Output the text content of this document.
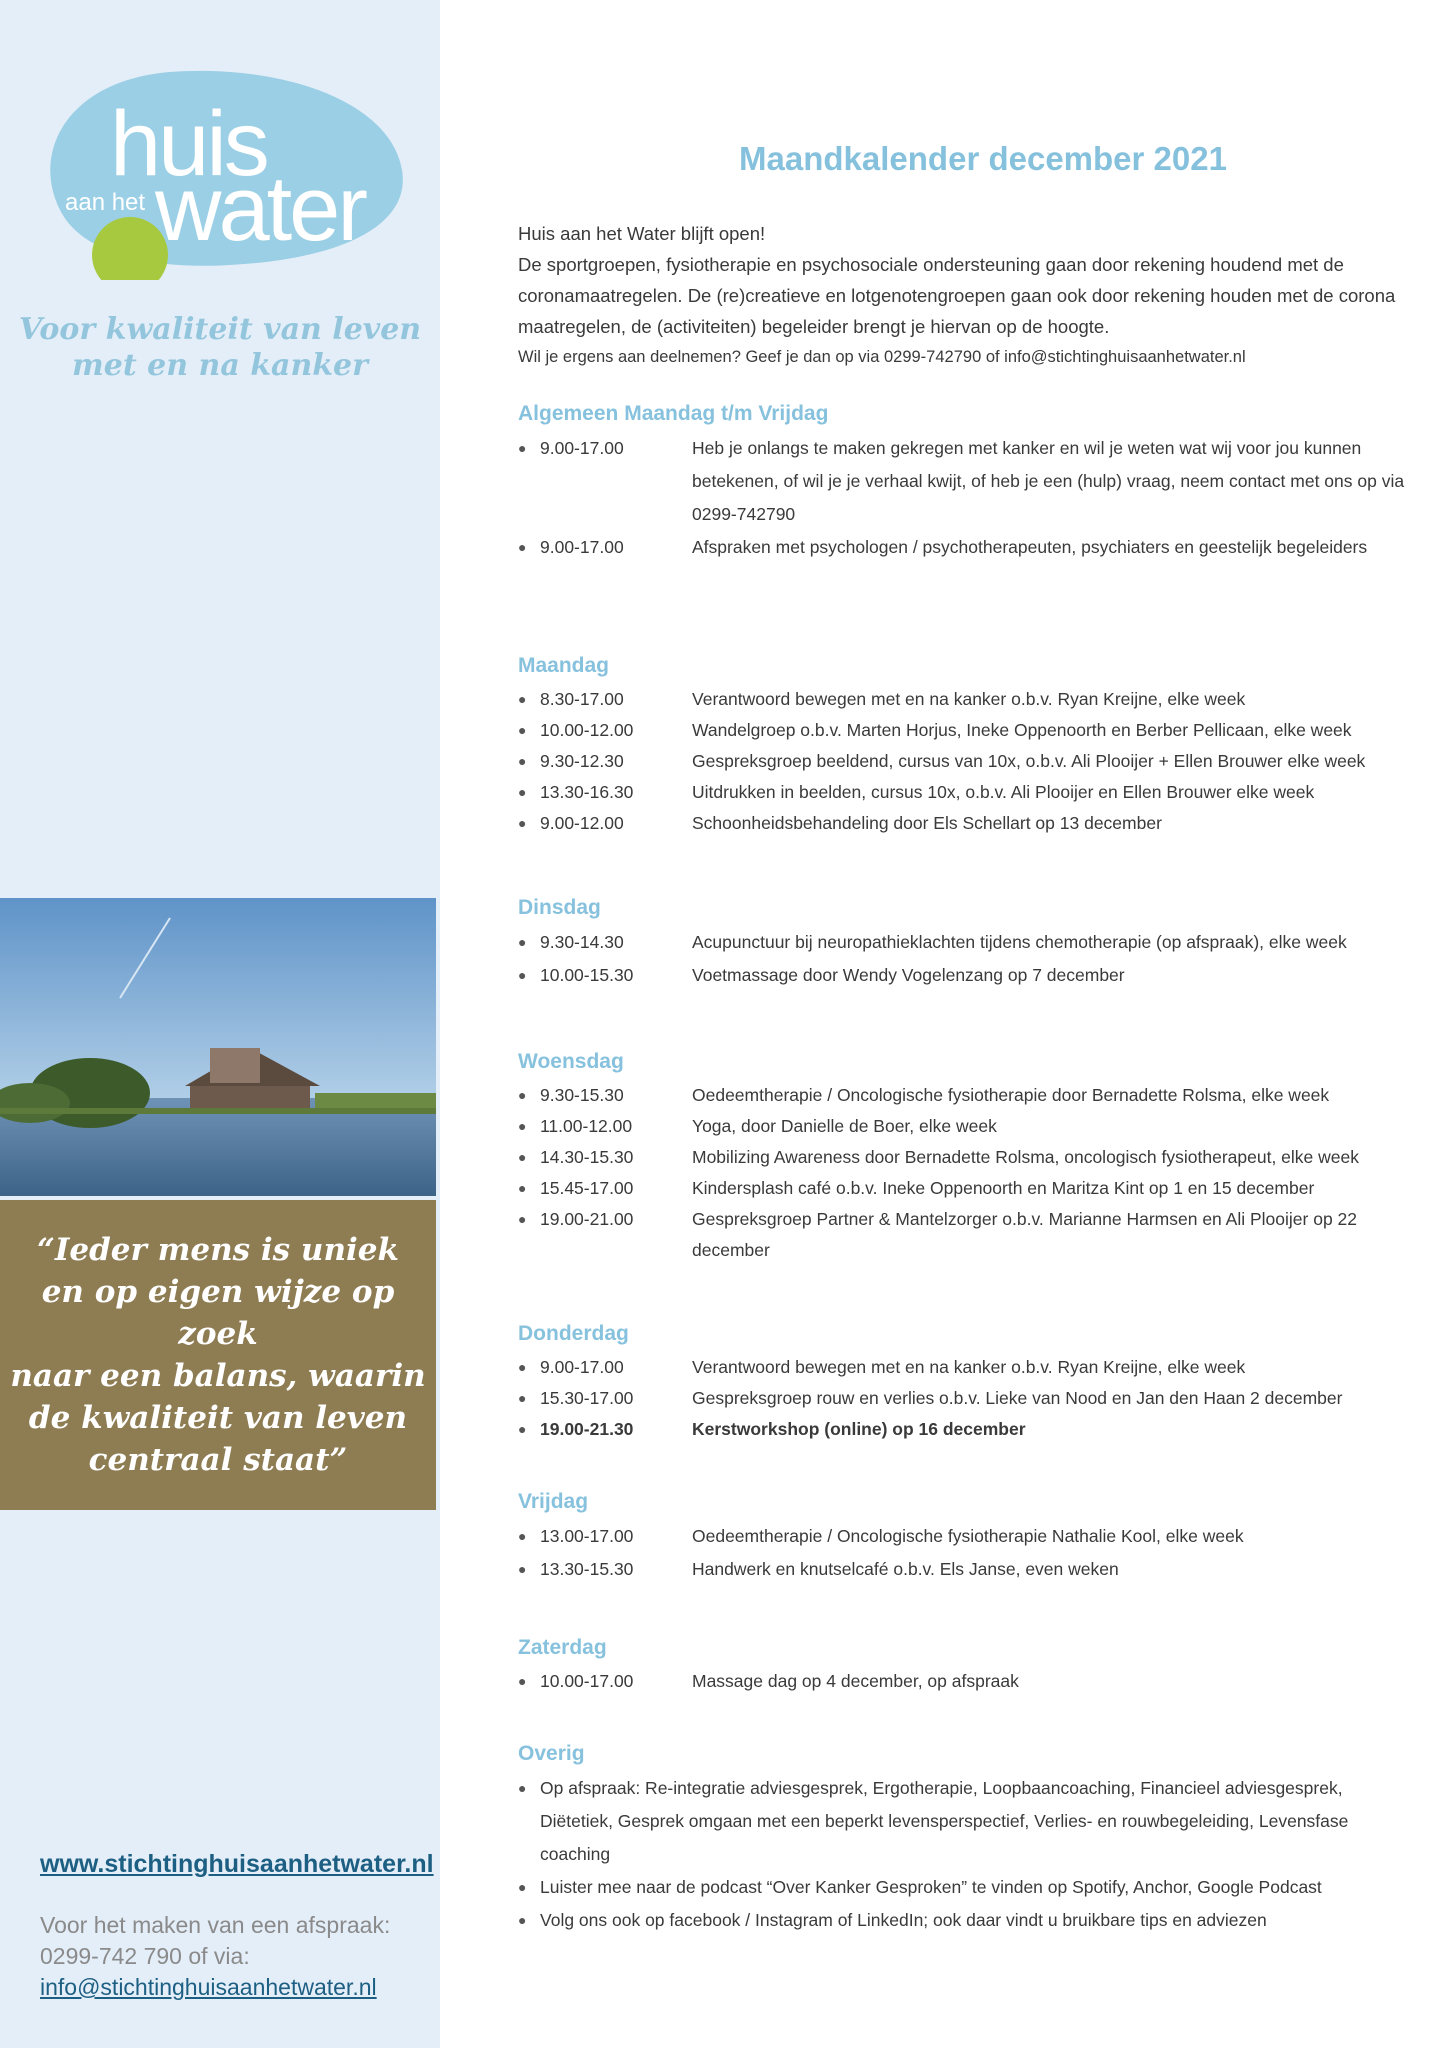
huis
aan het water
Voor kwaliteit van leven
met en na kanker
“Ieder mens is uniek
en op eigen wijze op zoek
naar een balans, waarin
de kwaliteit van leven
centraal staat”
www.stichtinghuisaanhetwater.nl
Voor het maken van een afspraak:
0299-742 790 of via:
info@stichtinghuisaanhetwater.nl
Maandkalender december 2021

Huis aan het Water blijft open!

De sportgroepen, fysiotherapie en psychosociale ondersteuning gaan door rekening houdend met de coronamaatregelen. De (re)creatieve en lotgenotengroepen gaan ook door rekening houden met de corona maatregelen, de (activiteiten) begeleider brengt je hiervan op de hoogte.

Wil je ergens aan deelnemen? Geef je dan op via 0299-742790 of info@stichtinghuisaanhetwater.nl

Algemeen Maandag t/m Vrijdag
● 9.00-17.00	Heb je onlangs te maken gekregen met kanker en wil je weten wat wij voor jou kunnen betekenen, of wil je je verhaal kwijt, of heb je een (hulp) vraag, neem contact met ons op via 0299-742790
● 9.00-17.00	Afspraken met psychologen / psychotherapeuten, psychiaters en geestelijk begeleiders
Maandag
● 8.30-17.00	Verantwoord bewegen met en na kanker o.b.v. Ryan Kreijne, elke week
● 10.00-12.00	Wandelgroep o.b.v. Marten Horjus, Ineke Oppenoorth en Berber Pellicaan, elke week
● 9.30-12.30	Gespreksgroep beeldend, cursus van 10x, o.b.v. Ali Plooijer + Ellen Brouwer elke week
● 13.30-16.30	Uitdrukken in beelden, cursus 10x, o.b.v. Ali Plooijer en Ellen Brouwer elke week
● 9.00-12.00	Schoonheidsbehandeling door Els Schellart op 13 december
Dinsdag
● 9.30-14.30	Acupunctuur bij neuropathieklachten tijdens chemotherapie (op afspraak), elke week
● 10.00-15.30	Voetmassage door Wendy Vogelenzang op 7 december
Woensdag
● 9.30-15.30	Oedeemtherapie / Oncologische fysiotherapie door Bernadette Rolsma, elke week
● 11.00-12.00	Yoga, door Danielle de Boer, elke week
● 14.30-15.30	Mobilizing Awareness door Bernadette Rolsma, oncologisch fysiotherapeut, elke week
● 15.45-17.00	Kindersplash café o.b.v. Ineke Oppenoorth en Maritza Kint op 1 en 15 december
● 19.00-21.00	Gespreksgroep Partner & Mantelzorger o.b.v. Marianne Harmsen en Ali Plooijer op 22 december
Donderdag
● 9.00-17.00	Verantwoord bewegen met en na kanker o.b.v. Ryan Kreijne, elke week
● 15.30-17.00	Gespreksgroep rouw en verlies o.b.v. Lieke van Nood en Jan den Haan 2 december
● 19.00-21.30	Kerstworkshop (online) op 16 december
Vrijdag
● 13.00-17.00	Oedeemtherapie / Oncologische fysiotherapie Nathalie Kool, elke week
● 13.30-15.30	Handwerk en knutselcafé o.b.v. Els Janse, even weken
Zaterdag
● 10.00-17.00	Massage dag op 4 december, op afspraak
Overig
● Op afspraak: Re-integratie adviesgesprek, Ergotherapie, Loopbaancoaching, Financieel adviesgesprek, Diëtetiek, Gesprek omgaan met een beperkt levensperspectief, Verlies- en rouwbegeleiding, Levensfase coaching
● Luister mee naar de podcast “Over Kanker Gesproken” te vinden op Spotify, Anchor, Google Podcast
● Volg ons ook op facebook / Instagram of LinkedIn; ook daar vindt u bruikbare tips en adviezen
